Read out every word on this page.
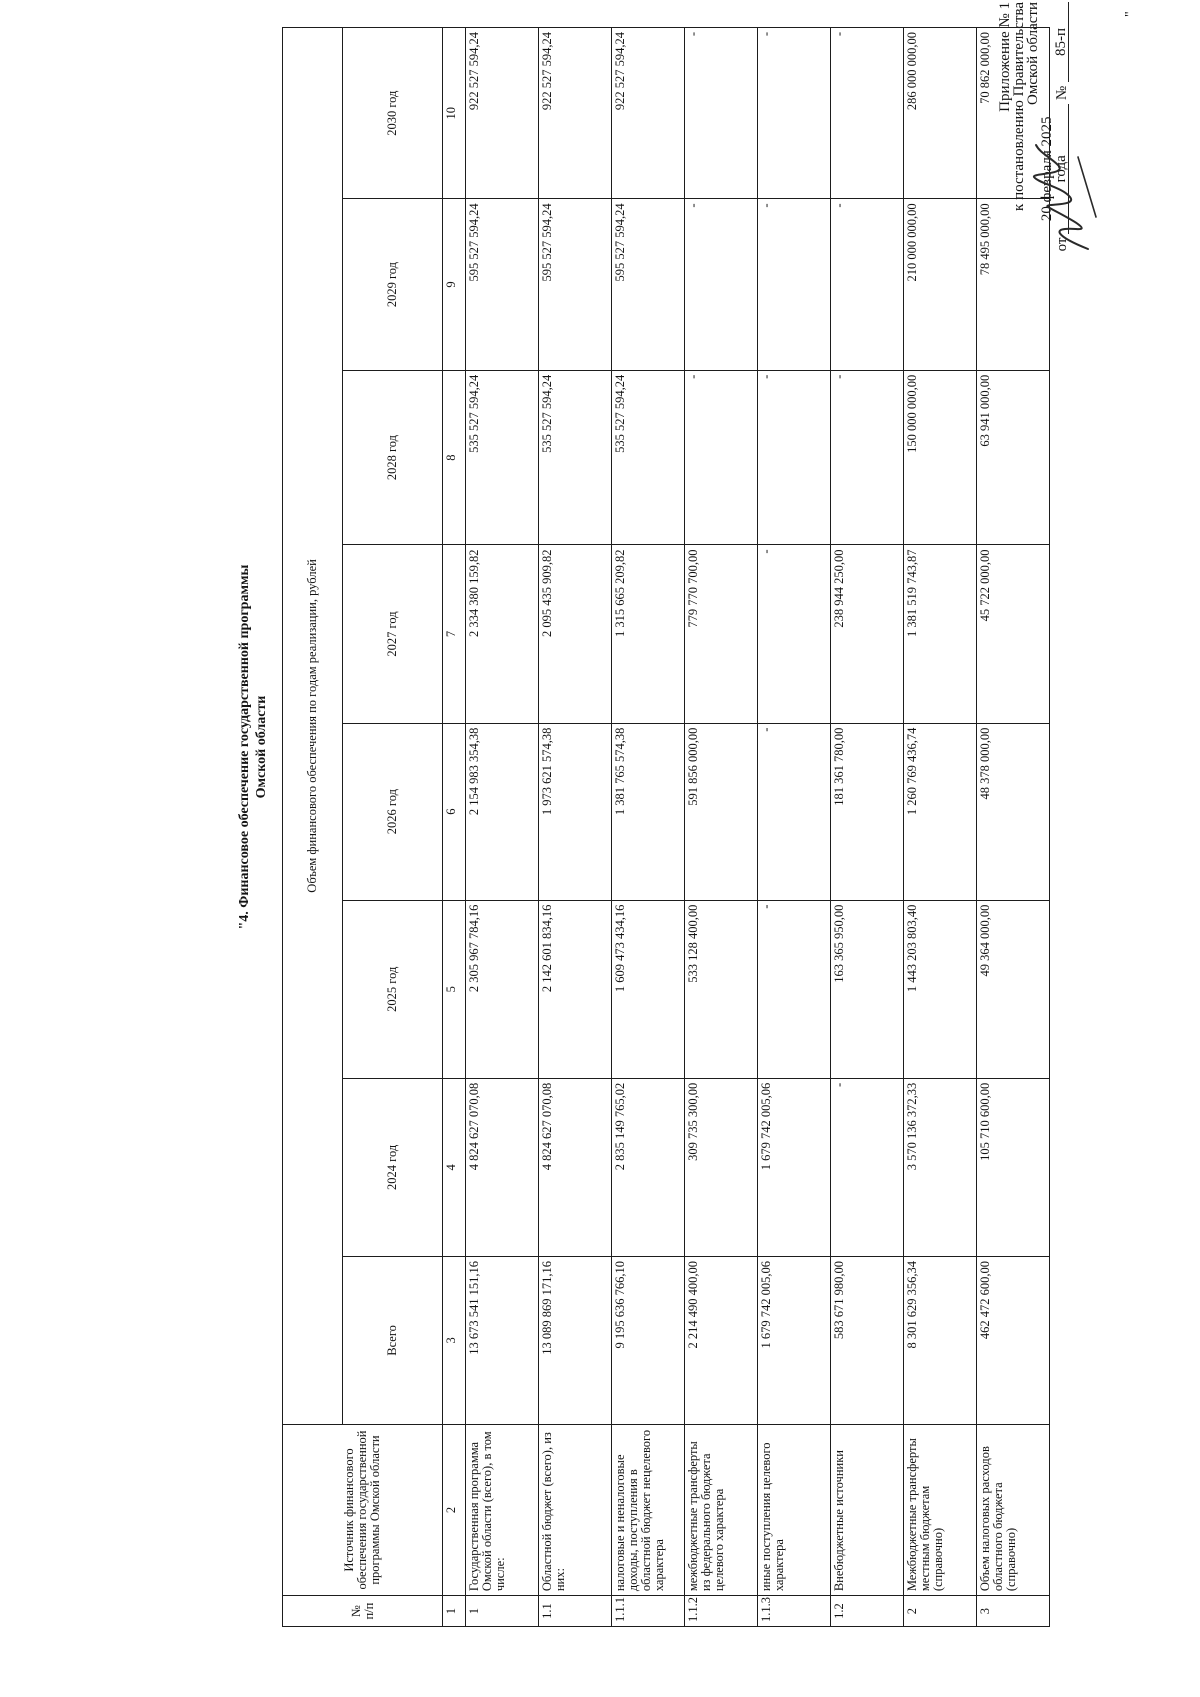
Приложение № 1
к постановлению Правительства Омской области
от 20 февраля 2025 года № 85-п
"4. Финансовое обеспечение государственной программы Омской области
№ п/п	Источник финансового обеспечения государственной программы Омской области	Объем финансового обеспечения по годам реализации, рублей							
		Всего	2024 год	2025 год	2026 год	2027 год	2028 год	2029 год	2030 год
1	2	3	4	5	6	7	8	9	10
1	Государственная программа Омской области (всего), в том числе:	13 673 541 151,16	4 824 627 070,08	2 305 967 784,16	2 154 983 354,38	2 334 380 159,82	535 527 594,24	595 527 594,24	922 527 594,24
1.1	Областной бюджет (всего), из них:	13 089 869 171,16	4 824 627 070,08	2 142 601 834,16	1 973 621 574,38	2 095 435 909,82	535 527 594,24	595 527 594,24	922 527 594,24
1.1.1	налоговые и неналоговые доходы, поступления в областной бюджет нецелевого характера	9 195 636 766,10	2 835 149 765,02	1 609 473 434,16	1 381 765 574,38	1 315 665 209,82	535 527 594,24	595 527 594,24	922 527 594,24
1.1.2	межбюджетные трансферты из федерального бюджета целевого характера	2 214 490 400,00	309 735 300,00	533 128 400,00	591 856 000,00	779 770 700,00	-	-	-
1.1.3	иные поступления целевого характера	1 679 742 005,06	1 679 742 005,06	-	-	-	-	-	-
1.2	Внебюджетные источники	583 671 980,00	-	163 365 950,00	181 361 780,00	238 944 250,00	-	-	-
2	Межбюджетные трансферты местным бюджетам (справочно)	8 301 629 356,34	3 570 136 372,33	1 443 203 803,40	1 260 769 436,74	1 381 519 743,87	150 000 000,00	210 000 000,00	286 000 000,00
3	Объем налоговых расходов областного бюджета (справочно)	462 472 600,00	105 710 600,00	49 364 000,00	48 378 000,00	45 722 000,00	63 941 000,00	78 495 000,00	70 862 000,00
"
